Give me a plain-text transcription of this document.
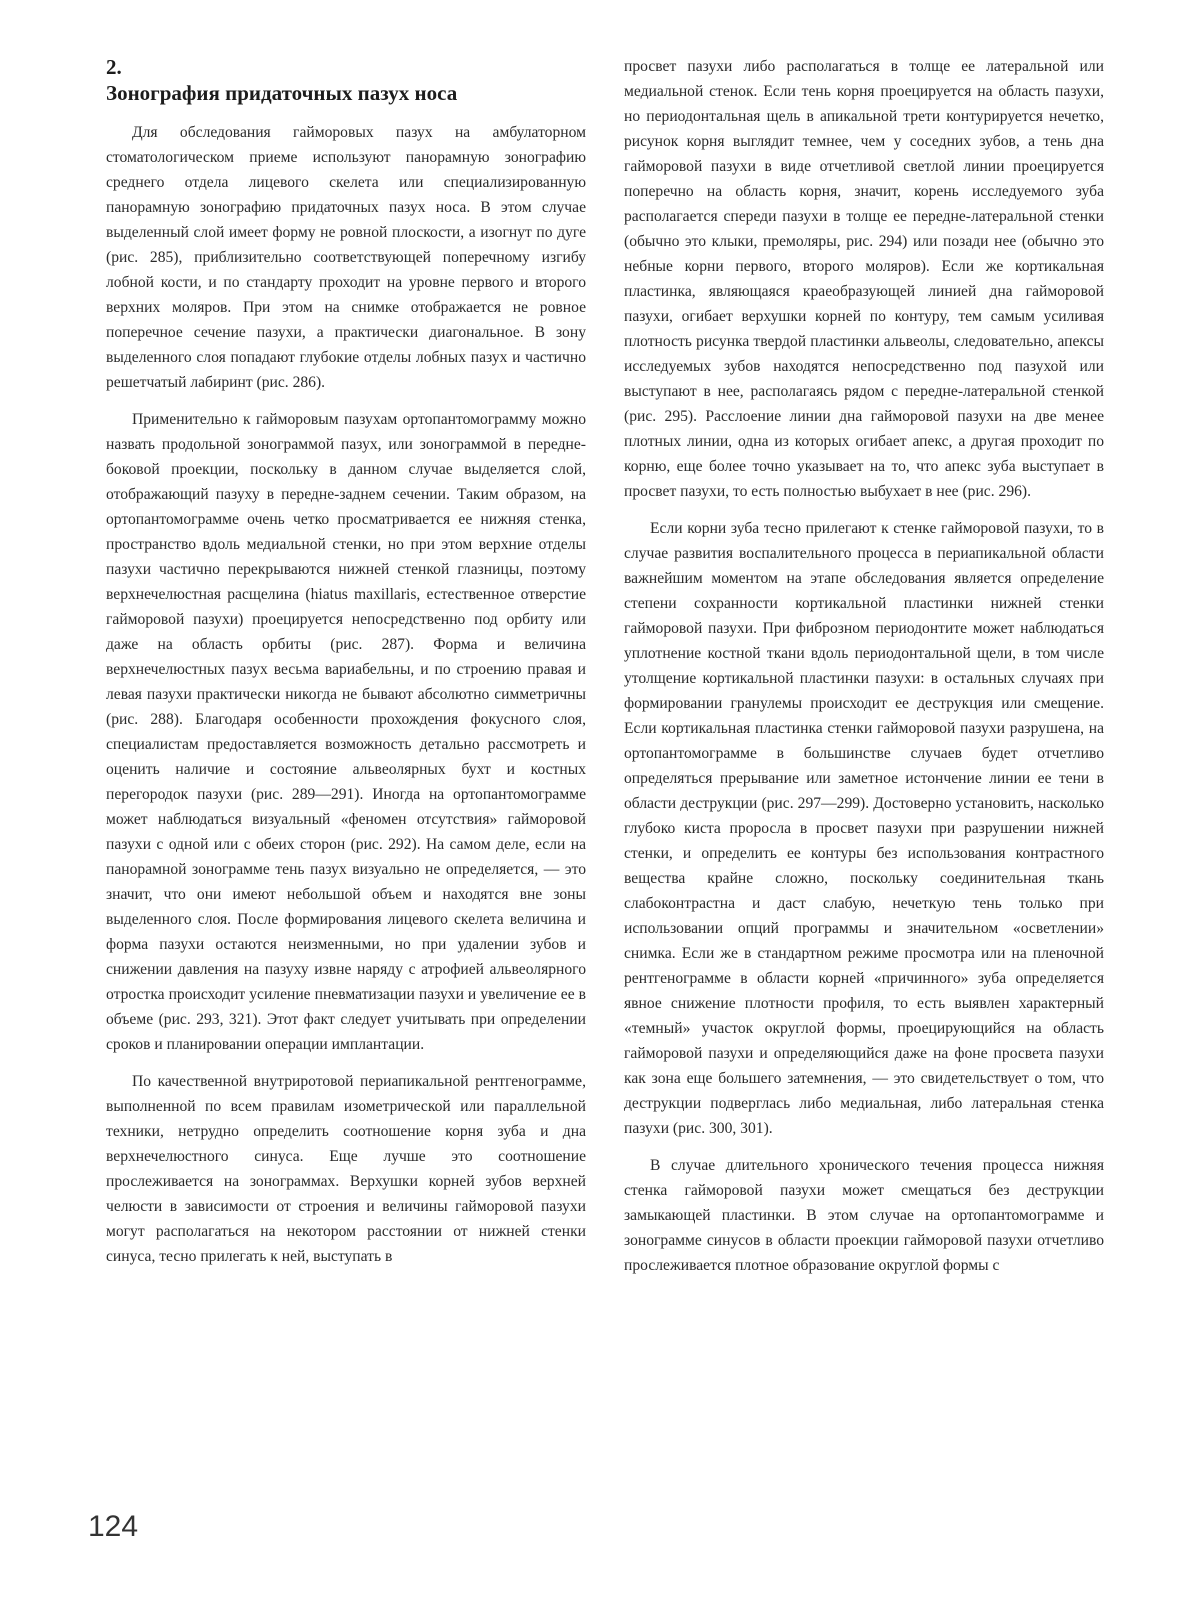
2.
Зонография придаточных пазух носа

Для обследования гайморовых пазух на амбулаторном стоматологическом приеме используют панорамную зонографию среднего отдела лицевого скелета или специализированную панорамную зонографию придаточных пазух носа. В этом случае выделенный слой имеет форму не ровной плоскости, а изогнут по дуге (рис. 285), приблизительно соответствующей поперечному изгибу лобной кости, и по стандарту проходит на уровне первого и второго верхних моляров. При этом на снимке отображается не ровное поперечное сечение пазухи, а практически диагональное. В зону выделенного слоя попадают глубокие отделы лобных пазух и частично решетчатый лабиринт (рис. 286).

Применительно к гайморовым пазухам ортопантомограмму можно назвать продольной зонограммой пазух, или зонограммой в передне-боковой проекции, поскольку в данном случае выделяется слой, отображающий пазуху в передне-заднем сечении. Таким образом, на ортопантомограмме очень четко просматривается ее нижняя стенка, пространство вдоль медиальной стенки, но при этом верхние отделы пазухи частично перекрываются нижней стенкой глазницы, поэтому верхнечелюстная расщелина (hiatus maxillaris, естественное отверстие гайморовой пазухи) проецируется непосредственно под орбиту или даже на область орбиты (рис. 287). Форма и величина верхнечелюстных пазух весьма вариабельны, и по строению правая и левая пазухи практически никогда не бывают абсолютно симметричны (рис. 288). Благодаря особенности прохождения фокусного слоя, специалистам предоставляется возможность детально рассмотреть и оценить наличие и состояние альвеолярных бухт и костных перегородок пазухи (рис. 289—291). Иногда на ортопантомограмме может наблюдаться визуальный «феномен отсутствия» гайморовой пазухи с одной или с обеих сторон (рис. 292). На самом деле, если на панорамной зонограмме тень пазух визуально не определяется, — это значит, что они имеют небольшой объем и находятся вне зоны выделенного слоя. После формирования лицевого скелета величина и форма пазухи остаются неизменными, но при удалении зубов и снижении давления на пазуху извне наряду с атрофией альвеолярного отростка происходит усиление пневматизации пазухи и увеличение ее в объеме (рис. 293, 321). Этот факт следует учитывать при определении сроков и планировании операции имплантации.

По качественной внутриротовой периапикальной рентгенограмме, выполненной по всем правилам изометрической или параллельной техники, нетрудно определить соотношение корня зуба и дна верхнечелюстного синуса. Еще лучше это соотношение прослеживается на зонограммах. Верхушки корней зубов верхней челюсти в зависимости от строения и величины гайморовой пазухи могут располагаться на некотором расстоянии от нижней стенки синуса, тесно прилегать к ней, выступать в

просвет пазухи либо располагаться в толще ее латеральной или медиальной стенок. Если тень корня проецируется на область пазухи, но периодонтальная щель в апикальной трети контурируется нечетко, рисунок корня выглядит темнее, чем у соседних зубов, а тень дна гайморовой пазухи в виде отчетливой светлой линии проецируется поперечно на область корня, значит, корень исследуемого зуба располагается спереди пазухи в толще ее передне-латеральной стенки (обычно это клыки, премоляры, рис. 294) или позади нее (обычно это небные корни первого, второго моляров). Если же кортикальная пластинка, являющаяся краеобразующей линией дна гайморовой пазухи, огибает верхушки корней по контуру, тем самым усиливая плотность рисунка твердой пластинки альвеолы, следовательно, апексы исследуемых зубов находятся непосредственно под пазухой или выступают в нее, располагаясь рядом с передне-латеральной стенкой (рис. 295). Расслоение линии дна гайморовой пазухи на две менее плотных линии, одна из которых огибает апекс, а другая проходит по корню, еще более точно указывает на то, что апекс зуба выступает в просвет пазухи, то есть полностью выбухает в нее (рис. 296).

Если корни зуба тесно прилегают к стенке гайморовой пазухи, то в случае развития воспалительного процесса в периапикальной области важнейшим моментом на этапе обследования является определение степени сохранности кортикальной пластинки нижней стенки гайморовой пазухи. При фиброзном периодонтите может наблюдаться уплотнение костной ткани вдоль периодонтальной щели, в том числе утолщение кортикальной пластинки пазухи: в остальных случаях при формировании гранулемы происходит ее деструкция или смещение. Если кортикальная пластинка стенки гайморовой пазухи разрушена, на ортопантомограмме в большинстве случаев будет отчетливо определяться прерывание или заметное истончение линии ее тени в области деструкции (рис. 297—299). Достоверно установить, насколько глубоко киста проросла в просвет пазухи при разрушении нижней стенки, и определить ее контуры без использования контрастного вещества крайне сложно, поскольку соединительная ткань слабоконтрастна и даст слабую, нечеткую тень только при использовании опций программы и значительном «осветлении» снимка. Если же в стандартном режиме просмотра или на пленочной рентгенограмме в области корней «причинного» зуба определяется явное снижение плотности профиля, то есть выявлен характерный «темный» участок округлой формы, проецирующийся на область гайморовой пазухи и определяющийся даже на фоне просвета пазухи как зона еще большего затемнения, — это свидетельствует о том, что деструкции подверглась либо медиальная, либо латеральная стенка пазухи (рис. 300, 301).

В случае длительного хронического течения процесса нижняя стенка гайморовой пазухи может смещаться без деструкции замыкающей пластинки. В этом случае на ортопантомограмме и зонограмме синусов в области проекции гайморовой пазухи отчетливо прослеживается плотное образование округлой формы с

124
